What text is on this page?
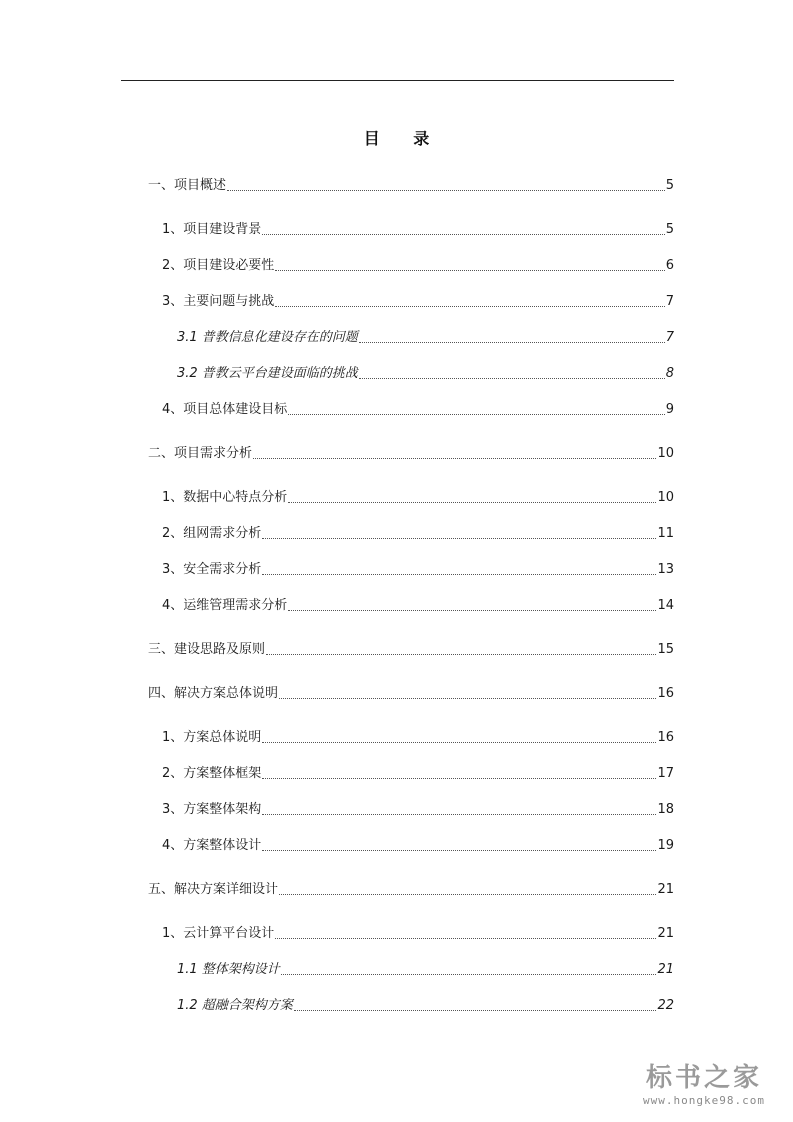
目 录
一、项目概述	5
1、项目建设背景	5
2、项目建设必要性	6
3、主要问题与挑战	7
3.1 普教信息化建设存在的问题	7
3.2 普教云平台建设面临的挑战	8
4、项目总体建设目标	9
二、项目需求分析	10
1、数据中心特点分析	10
2、组网需求分析	11
3、安全需求分析	13
4、运维管理需求分析	14
三、建设思路及原则	15
四、解决方案总体说明	16
1、方案总体说明	16
2、方案整体框架	17
3、方案整体架构	18
4、方案整体设计	19
五、解决方案详细设计	21
1、云计算平台设计	21
1.1 整体架构设计	21
1.2 超融合架构方案	22
标书之家
www.hongke98.com
